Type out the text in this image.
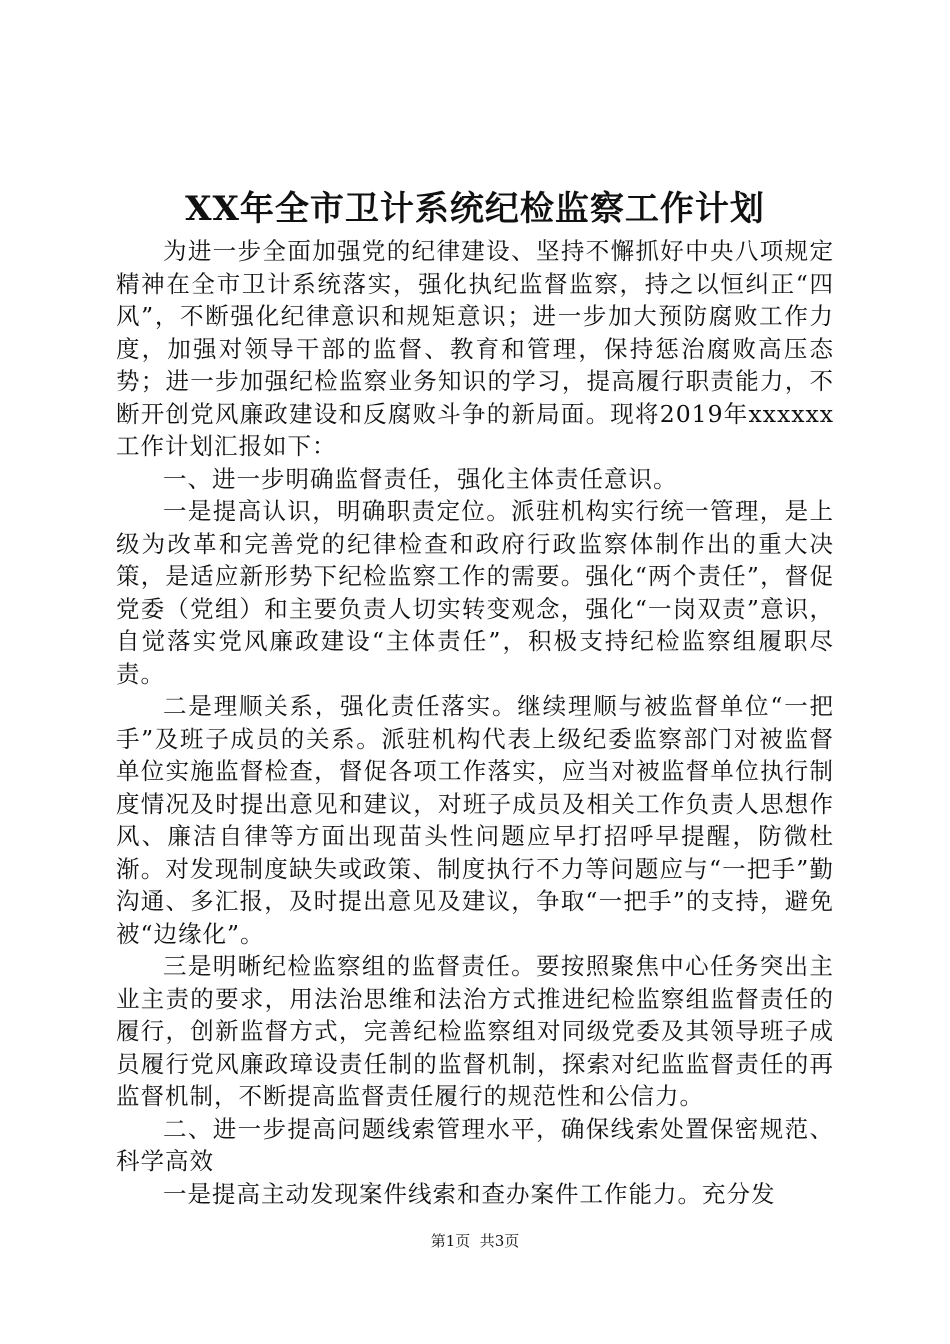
XX年全市卫计系统纪检监察工作计划

为进一步全面加强党的纪律建设、坚持不懈抓好中央八项规定精神在全市卫计系统落实，强化执纪监督监察，持之以恒纠正“四风”，不断强化纪律意识和规矩意识；进一步加大预防腐败工作力度，加强对领导干部的监督、教育和管理，保持惩治腐败高压态势；进一步加强纪检监察业务知识的学习，提高履行职责能力，不断开创党风廉政建设和反腐败斗争的新局面。现将2019年xxxxxx工作计划汇报如下：

一、进一步明确监督责任，强化主体责任意识。

一是提高认识，明确职责定位。派驻机构实行统一管理，是上级为改革和完善党的纪律检查和政府行政监察体制作出的重大决策，是适应新形势下纪检监察工作的需要。强化“两个责任”，督促党委（党组）和主要负责人切实转变观念，强化“一岗双责”意识，自觉落实党风廉政建设“主体责任”，积极支持纪检监察组履职尽责。

二是理顺关系，强化责任落实。继续理顺与被监督单位“一把手”及班子成员的关系。派驻机构代表上级纪委监察部门对被监督单位实施监督检查，督促各项工作落实，应当对被监督单位执行制度情况及时提出意见和建议，对班子成员及相关工作负责人思想作风、廉洁自律等方面出现苗头性问题应早打招呼早提醒，防微杜渐。对发现制度缺失或政策、制度执行不力等问题应与“一把手”勤沟通、多汇报，及时提出意见及建议，争取“一把手”的支持，避免被“边缘化”。

三是明晰纪检监察组的监督责任。要按照聚焦中心任务突出主业主责的要求，用法治思维和法治方式推进纪检监察组监督责任的履行，创新监督方式，完善纪检监察组对同级党委及其领导班子成员履行党风廉政璋设责任制的监督机制，探索对纪监监督责任的再监督机制，不断提高监督责任履行的规范性和公信力。

二、进一步提高问题线索管理水平，确保线索处置保密规范、科学高效

一是提高主动发现案件线索和查办案件工作能力。充分发

第1页  共3页
